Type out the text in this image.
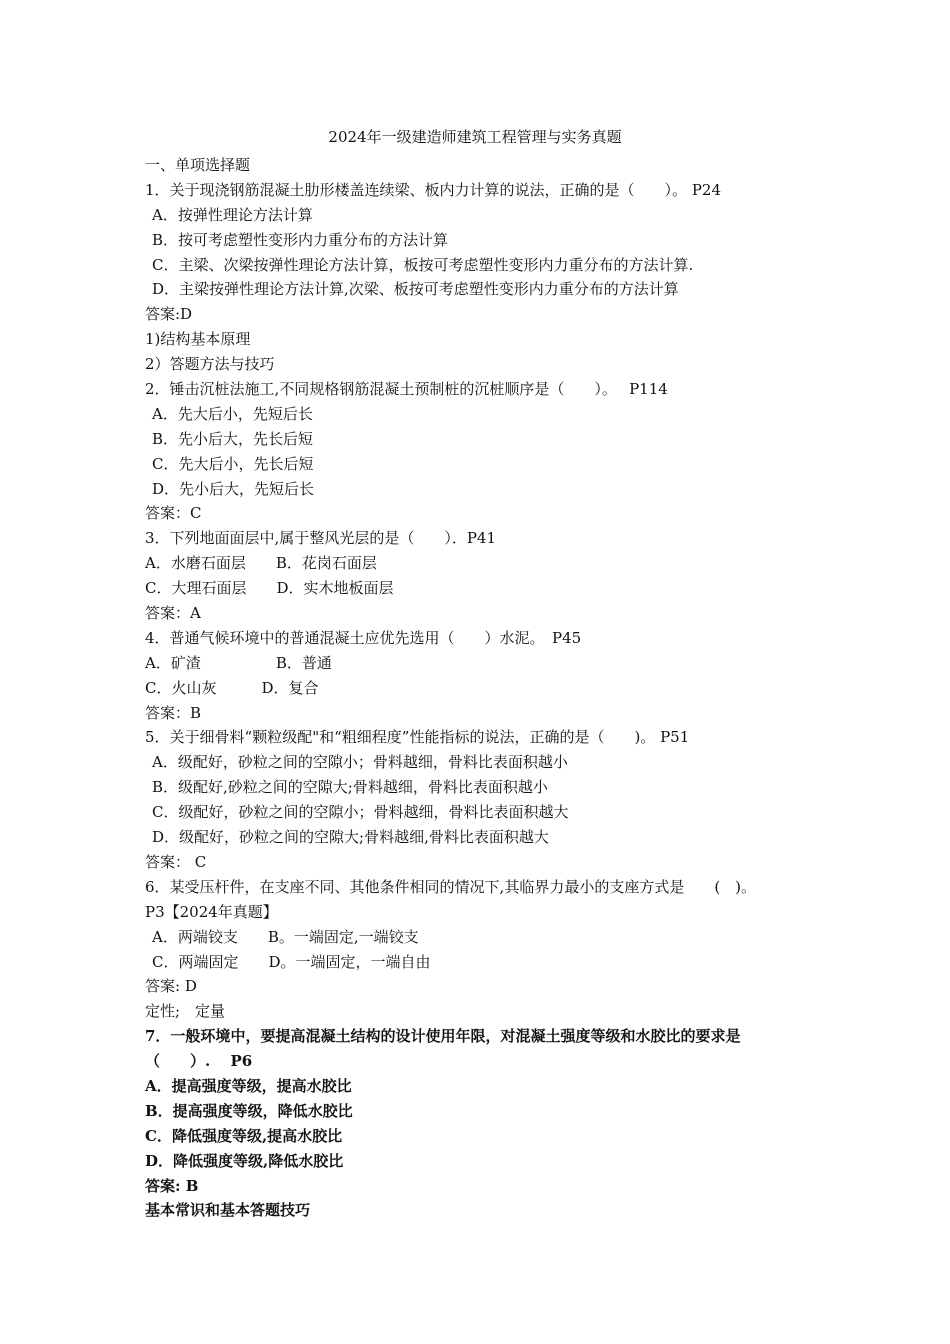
2024年一级建造师建筑工程管理与实务真题
一、单项选择题
1．关于现浇钢筋混凝土肋形楼盖连续梁、板内力计算的说法，正确的是（　　）。 P24
A．按弹性理论方法计算
B．按可考虑塑性变形内力重分布的方法计算
C．主梁、次梁按弹性理论方法计算，板按可考虑塑性变形内力重分布的方法计算.
D．主梁按弹性理论方法计算,次梁、板按可考虑塑性变形内力重分布的方法计算
答案:D
1)结构基本原理
2）答题方法与技巧
2．锤击沉桩法施工,不同规格钢筋混凝土预制桩的沉桩顺序是（　　）。　 P114
A．先大后小，先短后长
B．先小后大，先长后短
C．先大后小，先长后短
D．先小后大，先短后长
答案：C
3．下列地面面层中,属于整风光层的是（　　）．P41
A．水磨石面层　　B．花岗石面层
C．大理石面层　　D．实木地板面层
答案：A
4．普通气候环境中的普通混凝土应优先选用（　　）水泥。　P45
A．矿渣　　　　　B．普通
C．火山灰　　　D．复合
答案：B
5．关于细骨料“颗粒级配"和“粗细程度”性能指标的说法，正确的是（　　)。 P51
A．级配好，砂粒之间的空隙小；骨料越细，骨料比表面积越小
B．级配好,砂粒之间的空隙大;骨料越细，骨料比表面积越小
C．级配好，砂粒之间的空隙小；骨料越细，骨料比表面积越大
D．级配好，砂粒之间的空隙大;骨料越细,骨料比表面积越大
答案： C
6．某受压杆件，在支座不同、其他条件相同的情况下,其临界力最小的支座方式是　　(　)。
P3【2024年真题】
A．两端铰支　　B。一端固定,一端铰支
C．两端固定　　D。一端固定，一端自由
答案: D
定性;　定量
7．一般环境中，要提高混凝土结构的设计使用年限，对混凝土强度等级和水胶比的要求是
（　　）.　 P6
A．提高强度等级，提高水胶比
B．提高强度等级，降低水胶比
C．降低强度等级,提高水胶比
D．降低强度等级,降低水胶比
答案: B
基本常识和基本答题技巧
